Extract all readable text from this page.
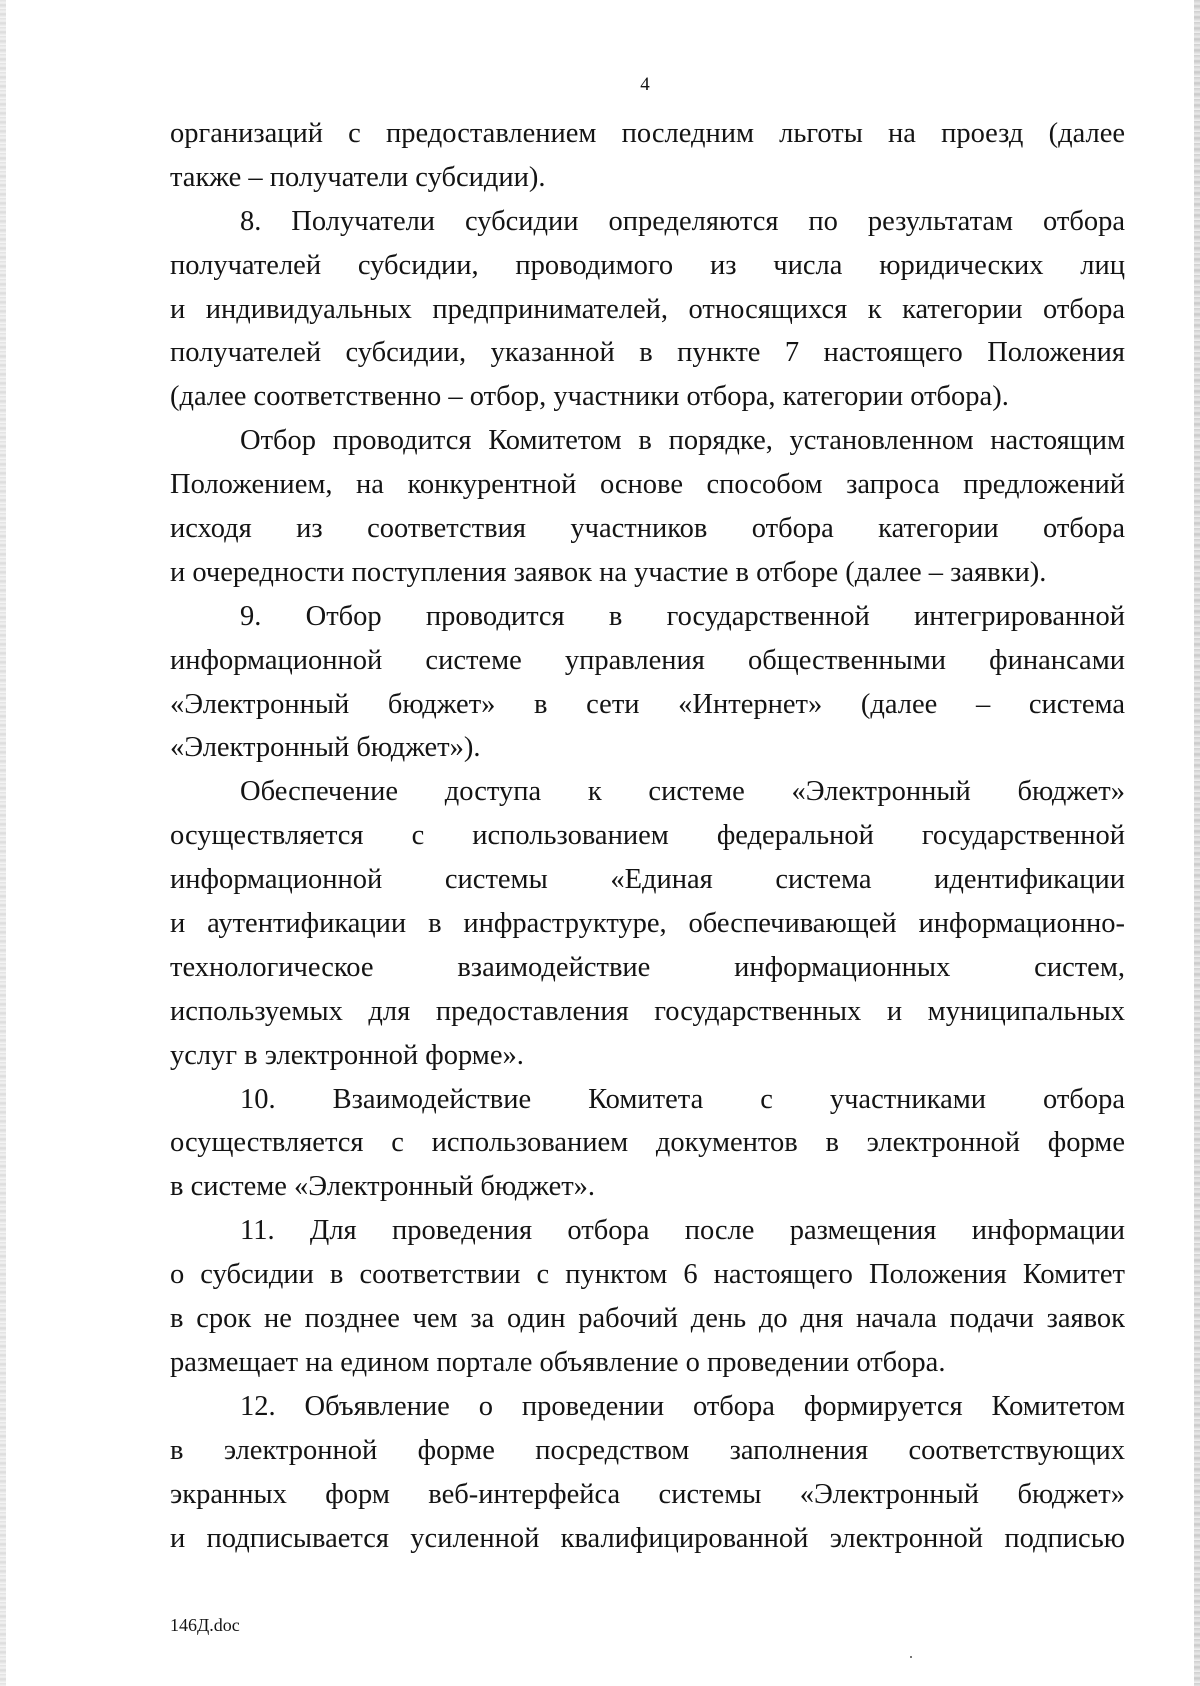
4
организаций с предоставлением последним льготы на проезд (далее
также – получатели субсидии).
8. Получатели субсидии определяются по результатам отбора
получателей субсидии, проводимого из числа юридических лиц
и индивидуальных предпринимателей, относящихся к категории отбора
получателей субсидии, указанной в пункте 7 настоящего Положения
(далее соответственно – отбор, участники отбора, категории отбора).
Отбор проводится Комитетом в порядке, установленном настоящим
Положением, на конкурентной основе способом запроса предложений
исходя из соответствия участников отбора категории отбора
и очередности поступления заявок на участие в отборе (далее – заявки).
9. Отбор проводится в государственной интегрированной
информационной системе управления общественными финансами
«Электронный бюджет» в сети «Интернет» (далее – система
«Электронный бюджет»).
Обеспечение доступа к системе «Электронный бюджет»
осуществляется с использованием федеральной государственной
информационной системы «Единая система идентификации
и аутентификации в инфраструктуре, обеспечивающей информационно-
технологическое взаимодействие информационных систем,
используемых для предоставления государственных и муниципальных
услуг в электронной форме».
10. Взаимодействие Комитета с участниками отбора
осуществляется с использованием документов в электронной форме
в системе «Электронный бюджет».
11. Для проведения отбора после размещения информации
о субсидии в соответствии с пунктом 6 настоящего Положения Комитет
в срок не позднее чем за один рабочий день до дня начала подачи заявок
размещает на едином портале объявление о проведении отбора.
12. Объявление о проведении отбора формируется Комитетом
в электронной форме посредством заполнения соответствующих
экранных форм веб-интерфейса системы «Электронный бюджет»
и подписывается усиленной квалифицированной электронной подписью
146Д.doc
